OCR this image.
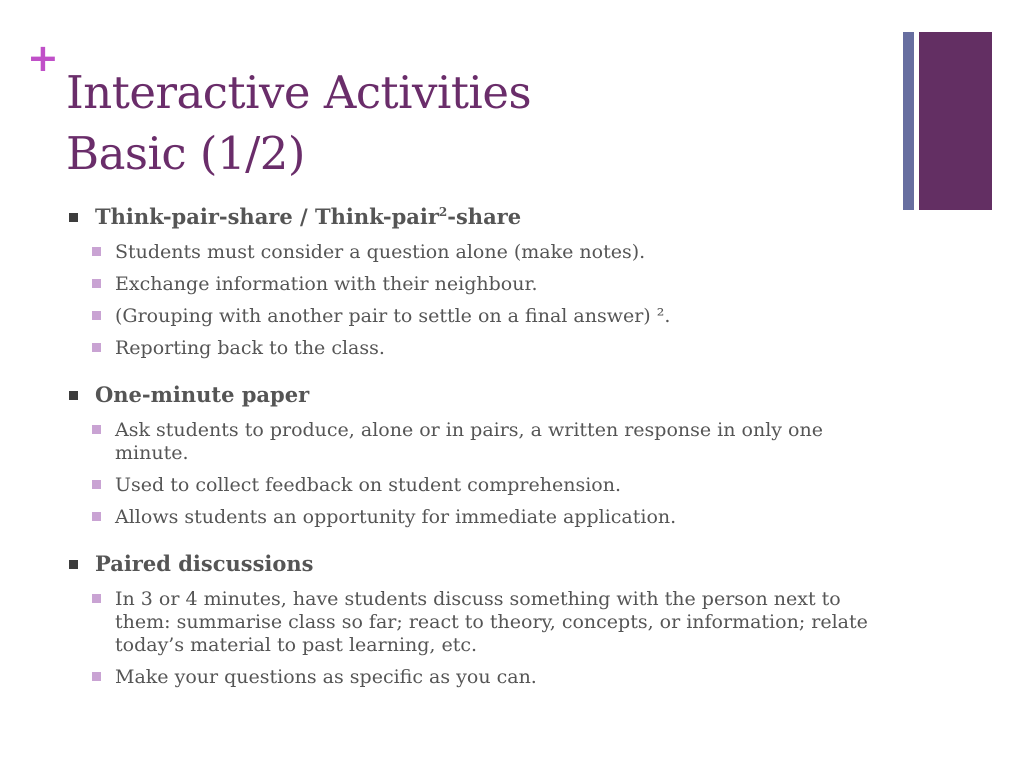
+
Interactive Activities
Basic (1/2)
Think-pair-share / Think-pair$^2$-share
Students must consider a question alone (make notes).
Exchange information with their neighbour.
(Grouping with another pair to settle on a final answer) ².
Reporting back to the class.
One-minute paper
Ask students to produce, alone or in pairs, a written response in only one minute.
Used to collect feedback on student comprehension.
Allows students an opportunity for immediate application.
Paired discussions
In 3 or 4 minutes, have students discuss something with the person next to them: summarise class so far; react to theory, concepts, or information; relate today’s material to past learning, etc.
Make your questions as specific as you can.
